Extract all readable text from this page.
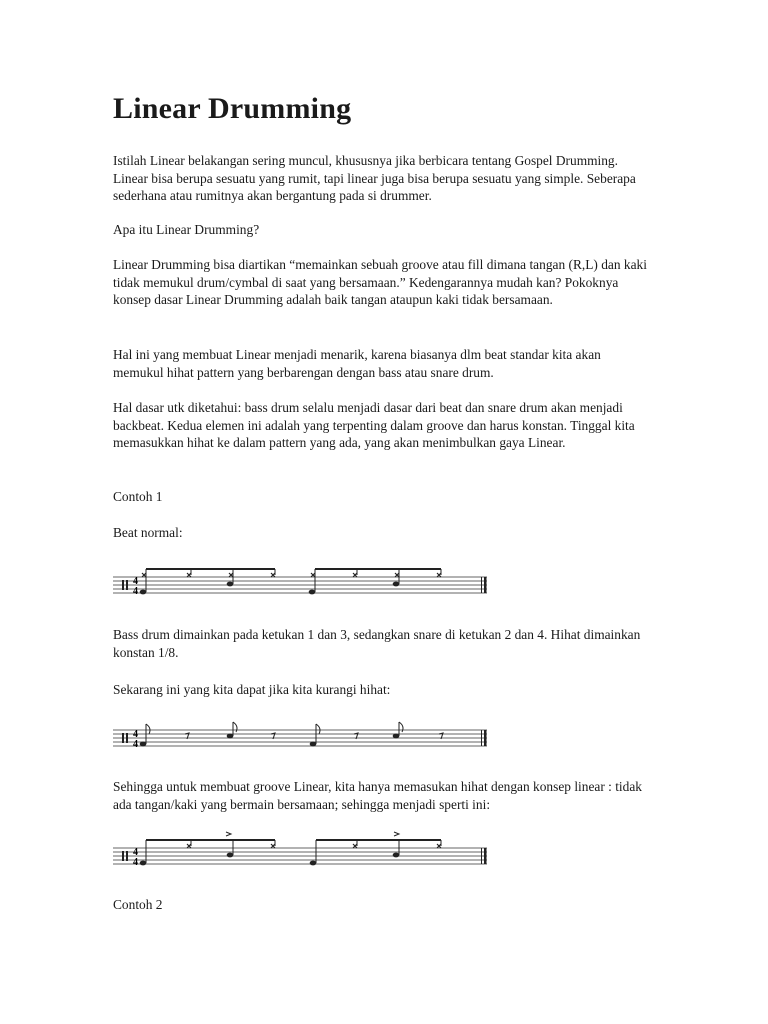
Linear Drumming

Istilah Linear belakangan sering muncul, khususnya jika berbicara tentang Gospel Drumming. Linear bisa berupa sesuatu yang rumit, tapi linear juga bisa berupa sesuatu yang simple. Seberapa sederhana atau rumitnya akan bergantung pada si drummer.

Apa itu Linear Drumming?

Linear Drumming bisa diartikan “memainkan sebuah groove atau fill dimana tangan (R,L) dan kaki tidak memukul drum/cymbal di saat yang bersamaan.” Kedengarannya mudah kan? Pokoknya konsep dasar Linear Drumming adalah baik tangan ataupun kaki tidak bersamaan.

Hal ini yang membuat Linear menjadi menarik, karena biasanya dlm beat standar kita akan memukul hihat pattern yang berbarengan dengan bass atau snare drum.

Hal dasar utk diketahui: bass drum selalu menjadi dasar dari beat dan snare drum akan menjadi backbeat. Kedua elemen ini adalah yang terpenting dalam groove dan harus konstan. Tinggal kita memasukkan hihat ke dalam pattern yang ada, yang akan menimbulkan gaya Linear.

Contoh 1

Beat normal:

4
4

Bass drum dimainkan pada ketukan 1 dan 3, sedangkan snare di ketukan 2 dan 4. Hihat dimainkan konstan 1/8.

Sekarang ini yang kita dapat jika kita kurangi hihat:

4
4

Sehingga untuk membuat groove Linear, kita hanya memasukan hihat dengan konsep linear : tidak ada tangan/kaki yang bermain bersamaan; sehingga menjadi sperti ini:

4
4

Contoh 2
